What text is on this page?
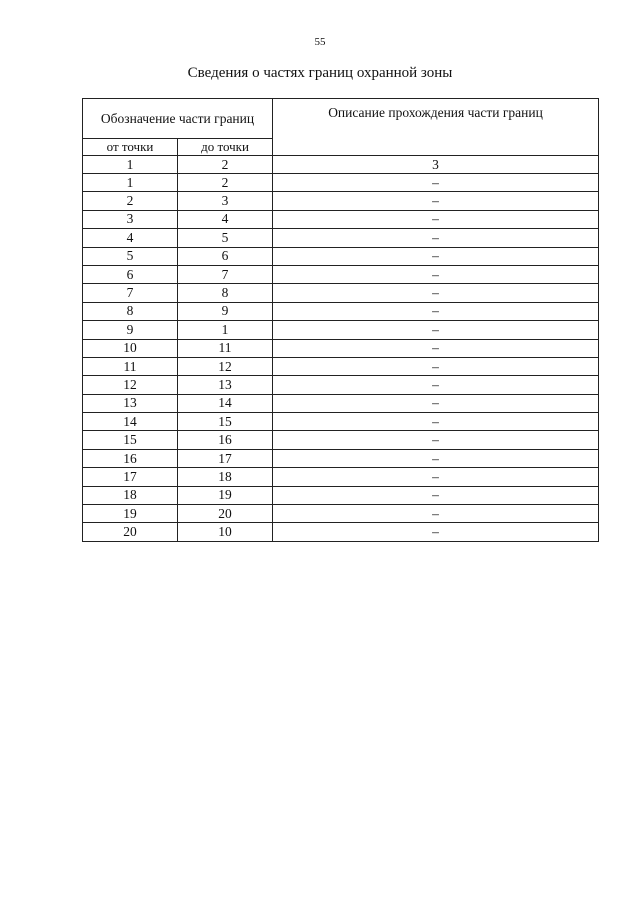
55
Сведения о частях границ охранной зоны
Обозначение части границ		Описание прохождения части границ
от точки	до точки	
1	2	3
1	2	–
2	3	–
3	4	–
4	5	–
5	6	–
6	7	–
7	8	–
8	9	–
9	1	–
10	11	–
11	12	–
12	13	–
13	14	–
14	15	–
15	16	–
16	17	–
17	18	–
18	19	–
19	20	–
20	10	–
